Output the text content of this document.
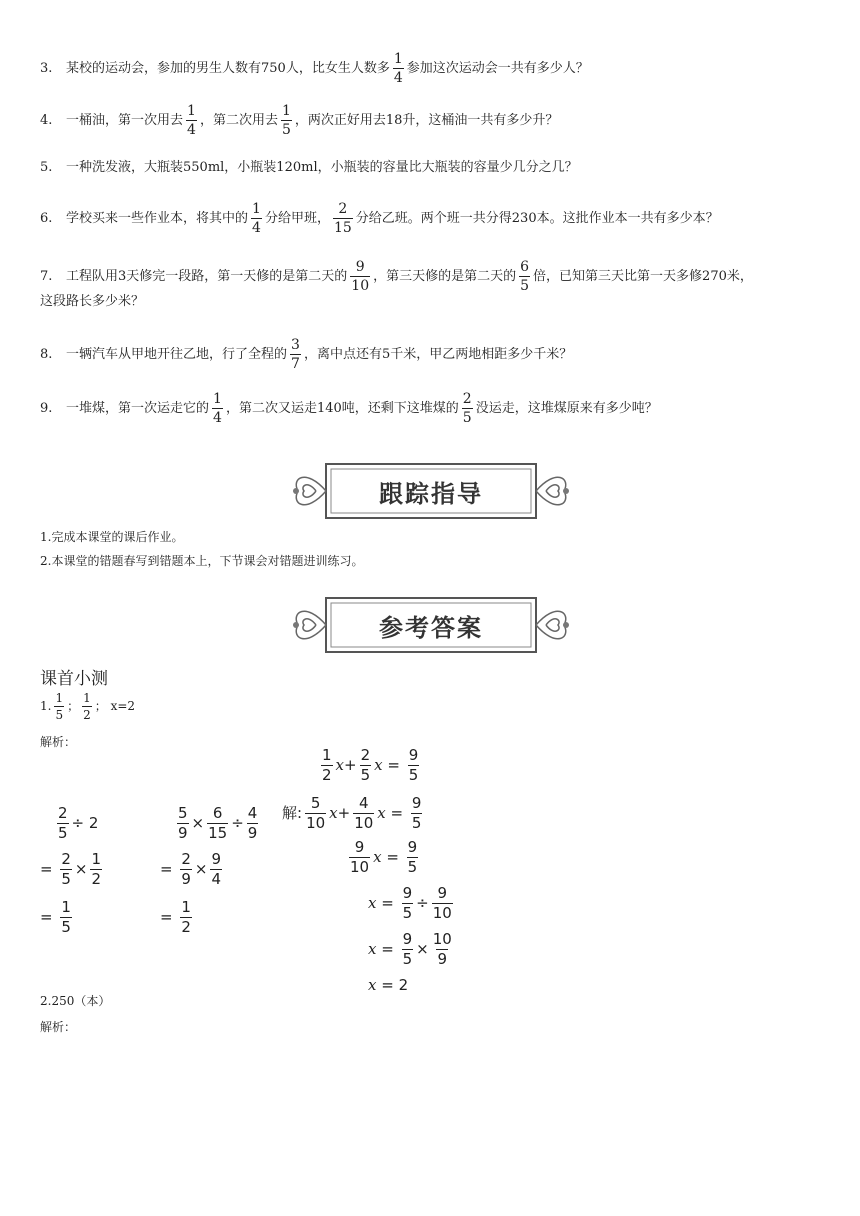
3. 某校的运动会，参加的男生人数有750人，比女生人数多 $\frac{1}{4}$ 参加这次运动会一共有多少人？
4. 一桶油，第一次用去 $\frac{1}{4}$ ，第二次用去 $\frac{1}{5}$ ，两次正好用去18升，这桶油一共有多少升？
5. 一种洗发液，大瓶装550ml，小瓶装120ml，小瓶装的容量比大瓶装的容量少几分之几？
6. 学校买来一些作业本，将其中的 $\frac{1}{4}$ 分给甲班， $\frac{2}{15}$ 分给乙班。两个班一共分得230本。这批作业本一共有多少本？
7. 工程队用3天修完一段路，第一天修的是第二天的 $\frac{9}{10}$ ，第三天修的是第二天的 $\frac{6}{5}$ 倍，已知第三天比第一天多修270米，
这段路长多少米？
8. 一辆汽车从甲地开往乙地，行了全程的 $\frac{3}{7}$ ，离中点还有5千米，甲乙两地相距多少千米？
9. 一堆煤，第一次运走它的 $\frac{1}{4}$ ，第二次又运走140吨，还剩下这堆煤的 $\frac{2}{5}$ 没运走，这堆煤原来有多少吨？
跟踪指导
1.完成本课堂的课后作业。
2.本课堂的错题春写到错题本上，下节课会对错题进训练习。
参考答案
课首小测
1. $\frac{1}{5}$ ； $\frac{1}{2}$ ； x=2
解析：
$\frac{2}{5} \div 2$
= $\frac{2}{5} \times \frac{1}{2}$
= $\frac{1}{5}$
$\frac{5}{9} \times \frac{6}{15} \div \frac{4}{9}$
= $\frac{2}{9} \times \frac{9}{4}$
= $\frac{1}{2}$
$\frac{1}{2} x+ \frac{2}{5}$ $x = \frac{9}{5}$
解: $\frac{5}{10} x+ \frac{4}{10}$ $x = \frac{9}{5}$
$\frac{9}{10}$ $x = \frac{9}{5}$
$x = \frac{9}{5} \div \frac{9}{10}$
$x = \frac{9}{5} \times \frac{10}{9}$
x = 2
2.250（本）
解析：
